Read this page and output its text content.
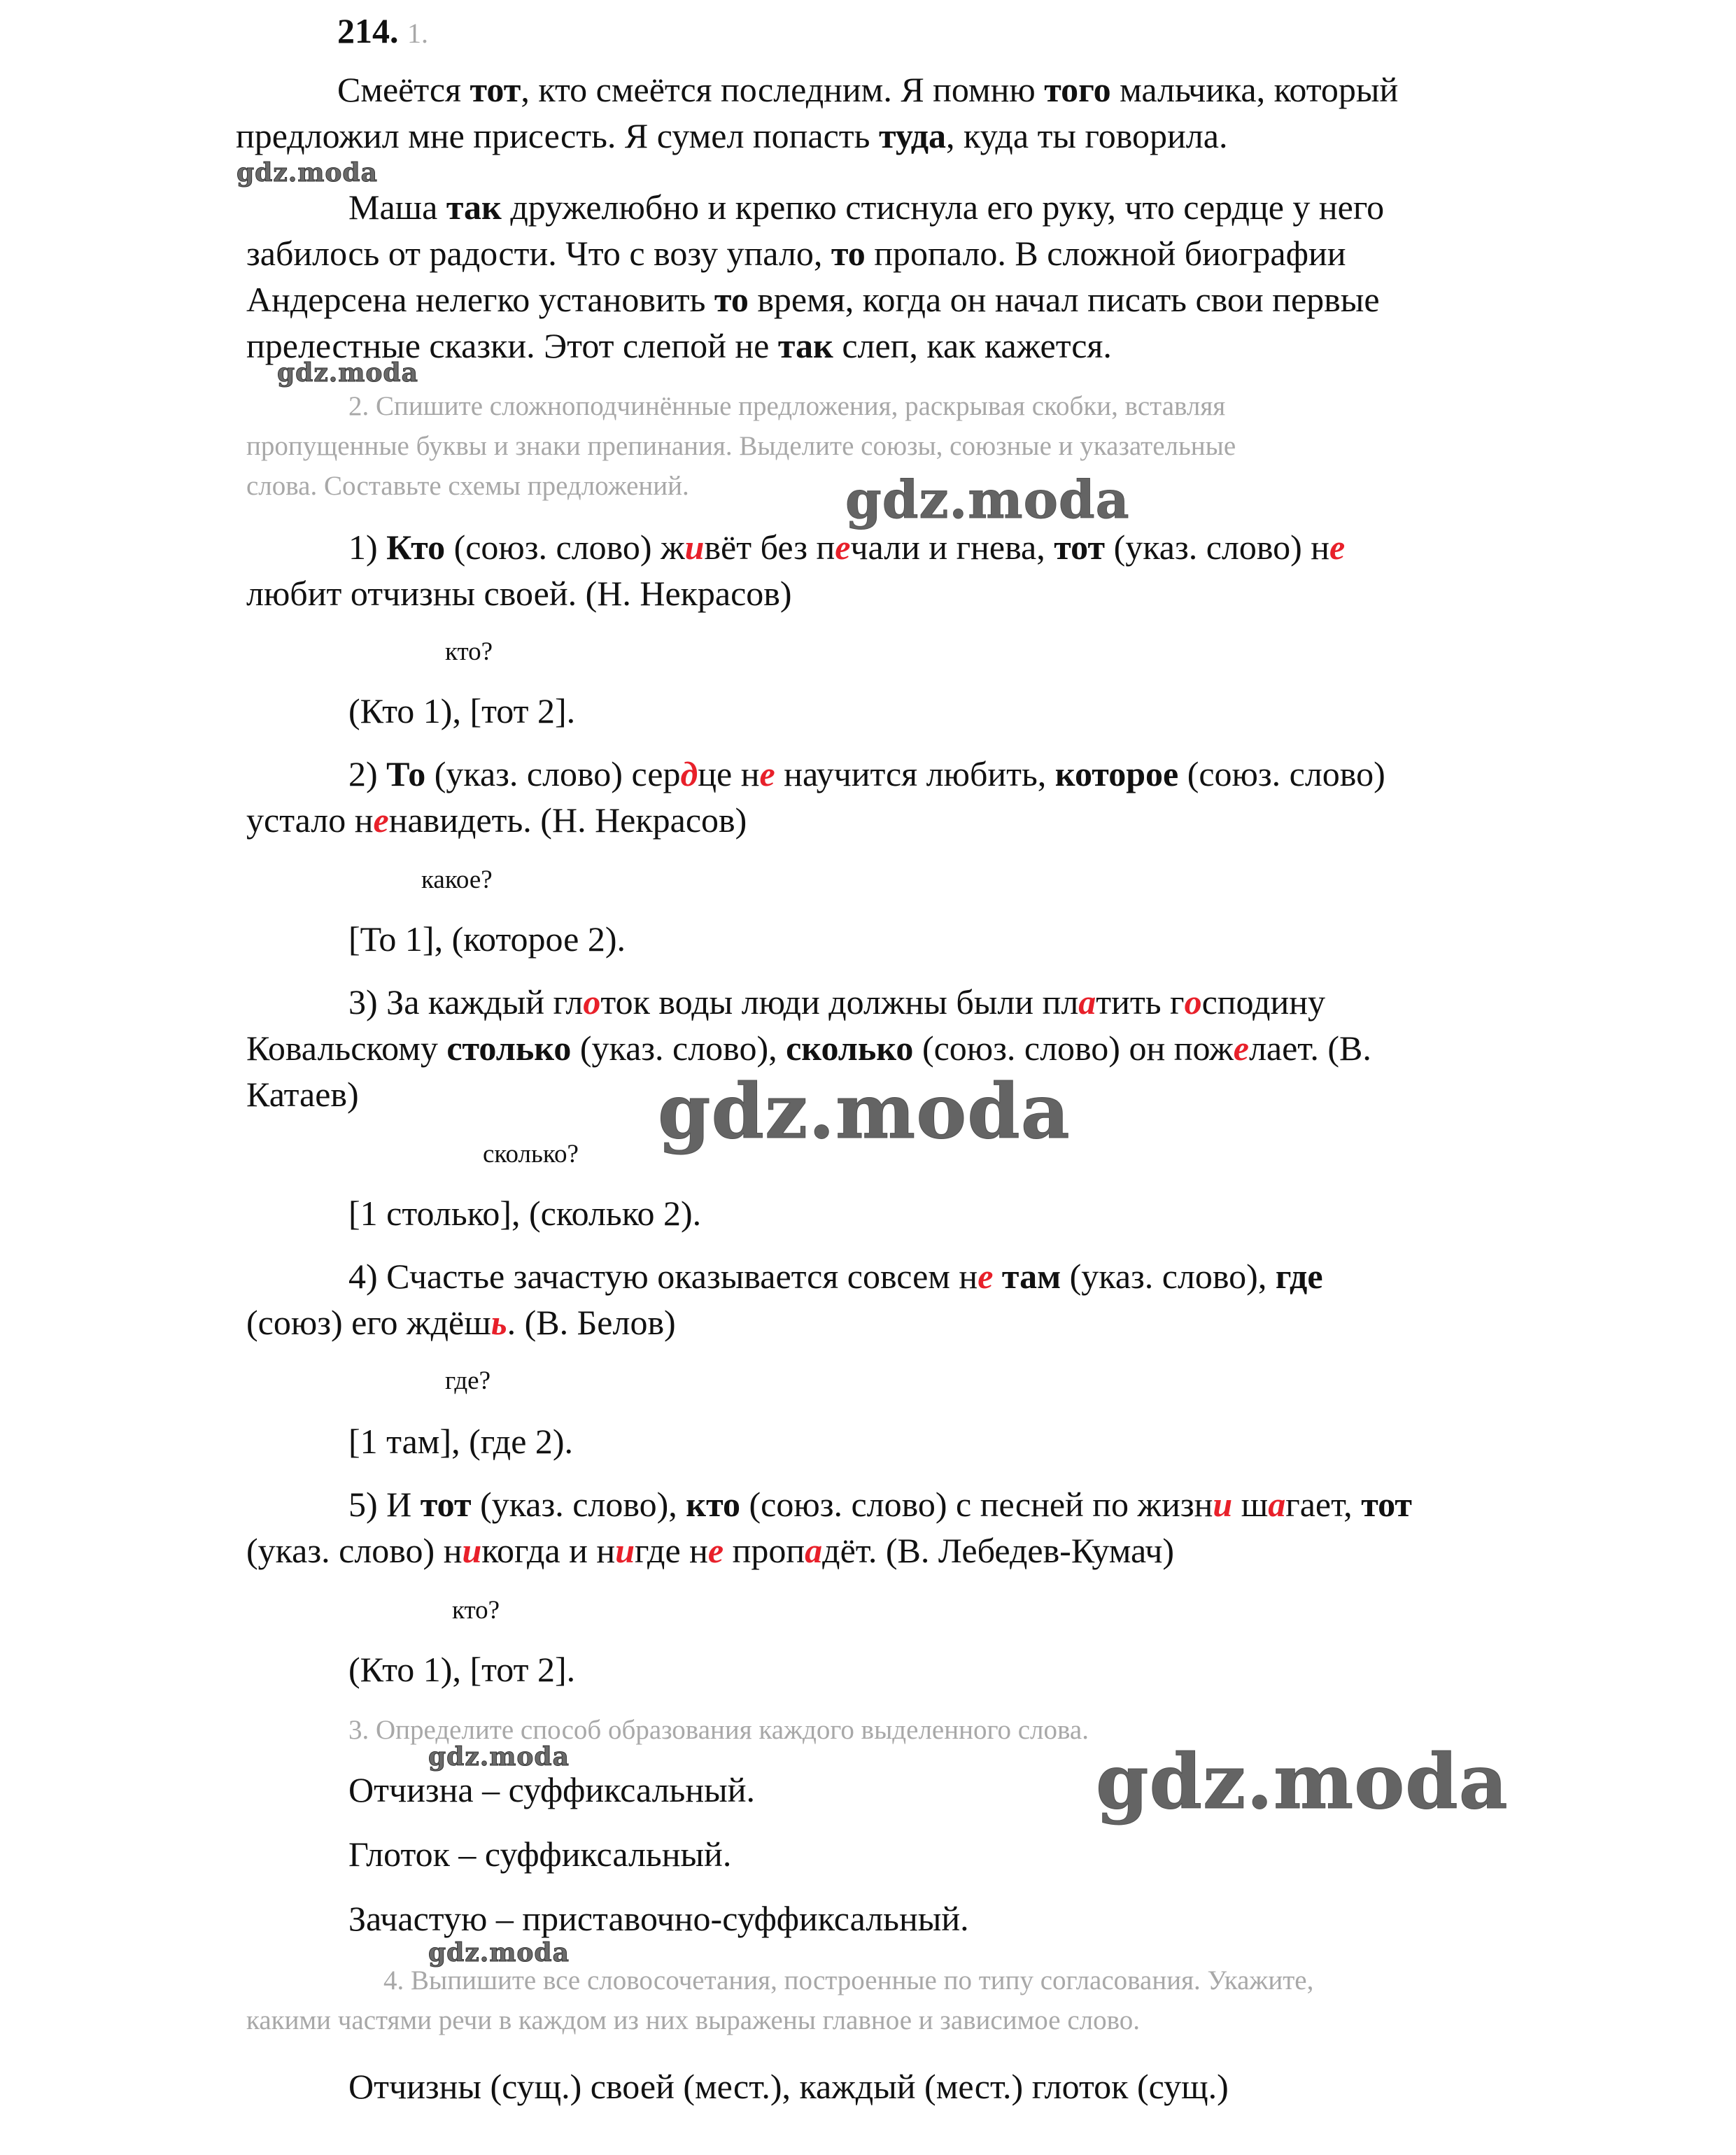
214. 1.
Смеётся тот, кто смеётся последним. Я помню того мальчика, который
предложил мне присесть. Я сумел попасть туда, куда ты говорила.
Маша так дружелюбно и крепко стиснула его руку, что сердце у него
забилось от радости. Что с возу упало, то пропало. В сложной биографии
Андерсена нелегко установить то время, когда он начал писать свои первые
прелестные сказки. Этот слепой не так слеп, как кажется.
2. Спишите сложноподчинённые предложения, раскрывая скобки, вставляя
пропущенные буквы и знаки препинания. Выделите союзы, союзные и указательные
слова. Составьте схемы предложений.
1) Кто (союз. слово) живёт без печали и гнева, тот (указ. слово) не
любит отчизны своей. (Н. Некрасов)
кто?
(Кто 1), [тот 2].
2) То (указ. слово) сердце не научится любить, которое (союз. слово)
устало ненавидеть. (Н. Некрасов)
какое?
[То 1], (которое 2).
3) За каждый глоток воды люди должны были платить господину
Ковальскому столько (указ. слово), сколько (союз. слово) он пожелает. (В.
Катаев)
сколько?
[1 столько], (сколько 2).
4) Счастье зачастую оказывается совсем не там (указ. слово), где
(союз) его ждёшь. (В. Белов)
где?
[1 там], (где 2).
5) И тот (указ. слово), кто (союз. слово) с песней по жизни шагает, тот
(указ. слово) никогда и нигде не пропадёт. (В. Лебедев-Кумач)
кто?
(Кто 1), [тот 2].
3. Определите способ образования каждого выделенного слова.
Отчизна – суффиксальный.
Глоток – суффиксальный.
Зачастую – приставочно-суффиксальный.
4. Выпишите все словосочетания, построенные по типу согласования. Укажите,
какими частями речи в каждом из них выражены главное и зависимое слово.
Отчизны (сущ.) своей (мест.), каждый (мест.) глоток (сущ.)
gdz.moda
gdz.moda
gdz.moda
gdz.moda
gdz.moda	gdz.moda
gdz.moda
